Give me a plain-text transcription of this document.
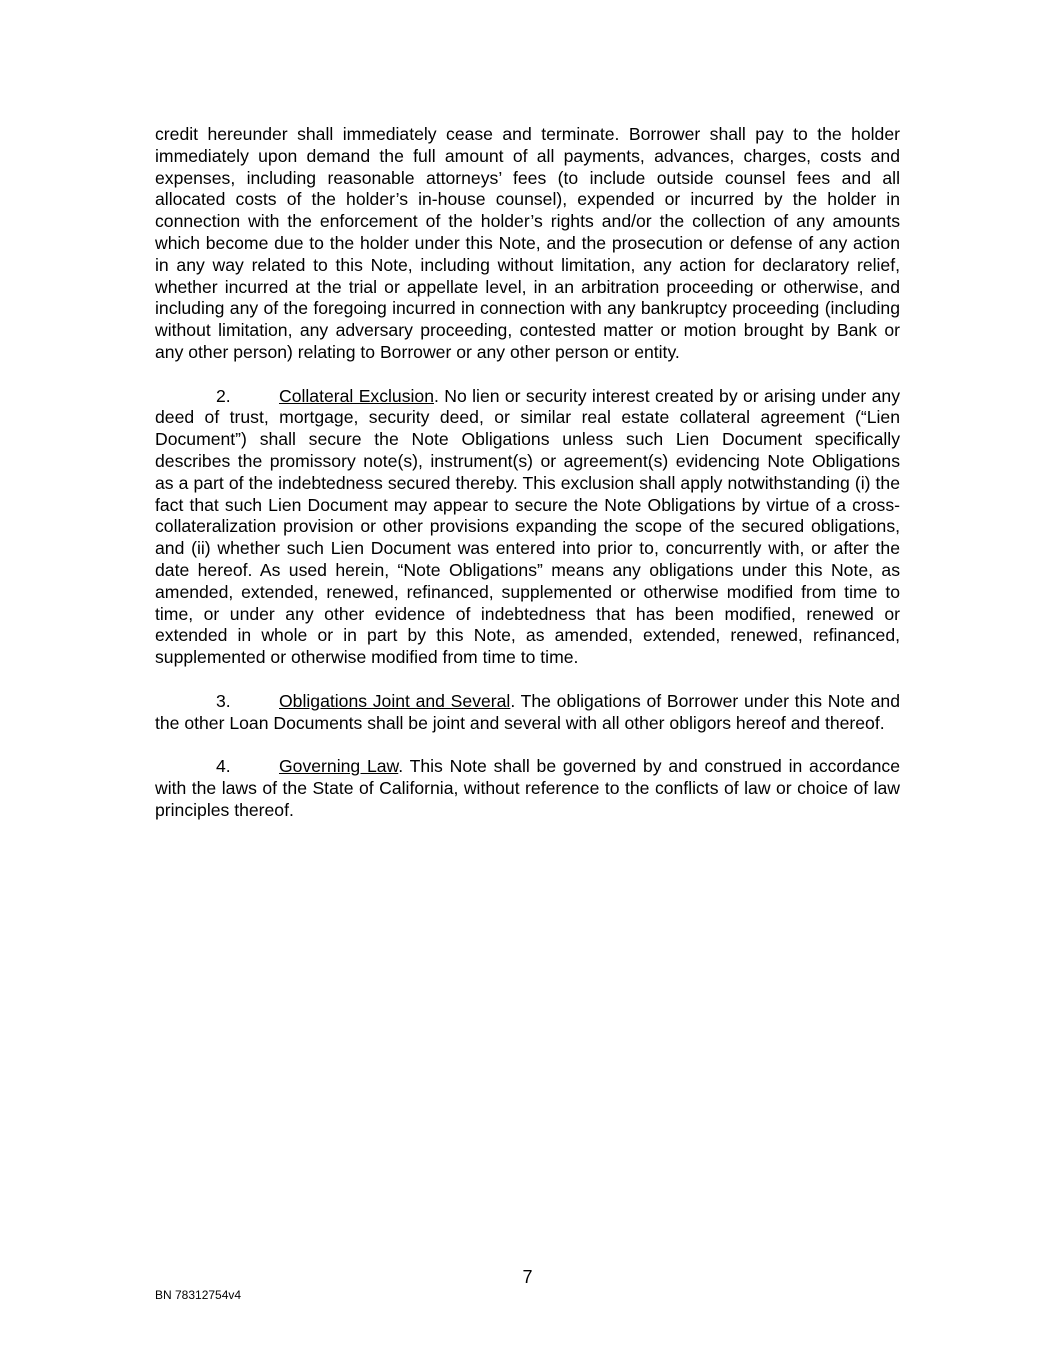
credit hereunder shall immediately cease and terminate. Borrower shall pay to the holder immediately upon demand the full amount of all payments, advances, charges, costs and expenses, including reasonable attorneys’ fees (to include outside counsel fees and all allocated costs of the holder’s in-house counsel), expended or incurred by the holder in connection with the enforcement of the holder’s rights and/or the collection of any amounts which become due to the holder under this Note, and the prosecution or defense of any action in any way related to this Note, including without limitation, any action for declaratory relief, whether incurred at the trial or appellate level, in an arbitration proceeding or otherwise, and including any of the foregoing incurred in connection with any bankruptcy proceeding (including without limitation, any adversary proceeding, contested matter or motion brought by Bank or any other person) relating to Borrower or any other person or entity.

2.	Collateral Exclusion. No lien or security interest created by or arising under any deed of trust, mortgage, security deed, or similar real estate collateral agreement (“Lien Document”) shall secure the Note Obligations unless such Lien Document specifically describes the promissory note(s), instrument(s) or agreement(s) evidencing Note Obligations as a part of the indebtedness secured thereby. This exclusion shall apply notwithstanding (i) the fact that such Lien Document may appear to secure the Note Obligations by virtue of a cross-collateralization provision or other provisions expanding the scope of the secured obligations, and (ii) whether such Lien Document was entered into prior to, concurrently with, or after the date hereof. As used herein, “Note Obligations” means any obligations under this Note, as amended, extended, renewed, refinanced, supplemented or otherwise modified from time to time, or under any other evidence of indebtedness that has been modified, renewed or extended in whole or in part by this Note, as amended, extended, renewed, refinanced, supplemented or otherwise modified from time to time.

3.	Obligations Joint and Several. The obligations of Borrower under this Note and the other Loan Documents shall be joint and several with all other obligors hereof and thereof.

4.	Governing Law. This Note shall be governed by and construed in accordance with the laws of the State of California, without reference to the conflicts of law or choice of law principles thereof.

7
BN 78312754v4
